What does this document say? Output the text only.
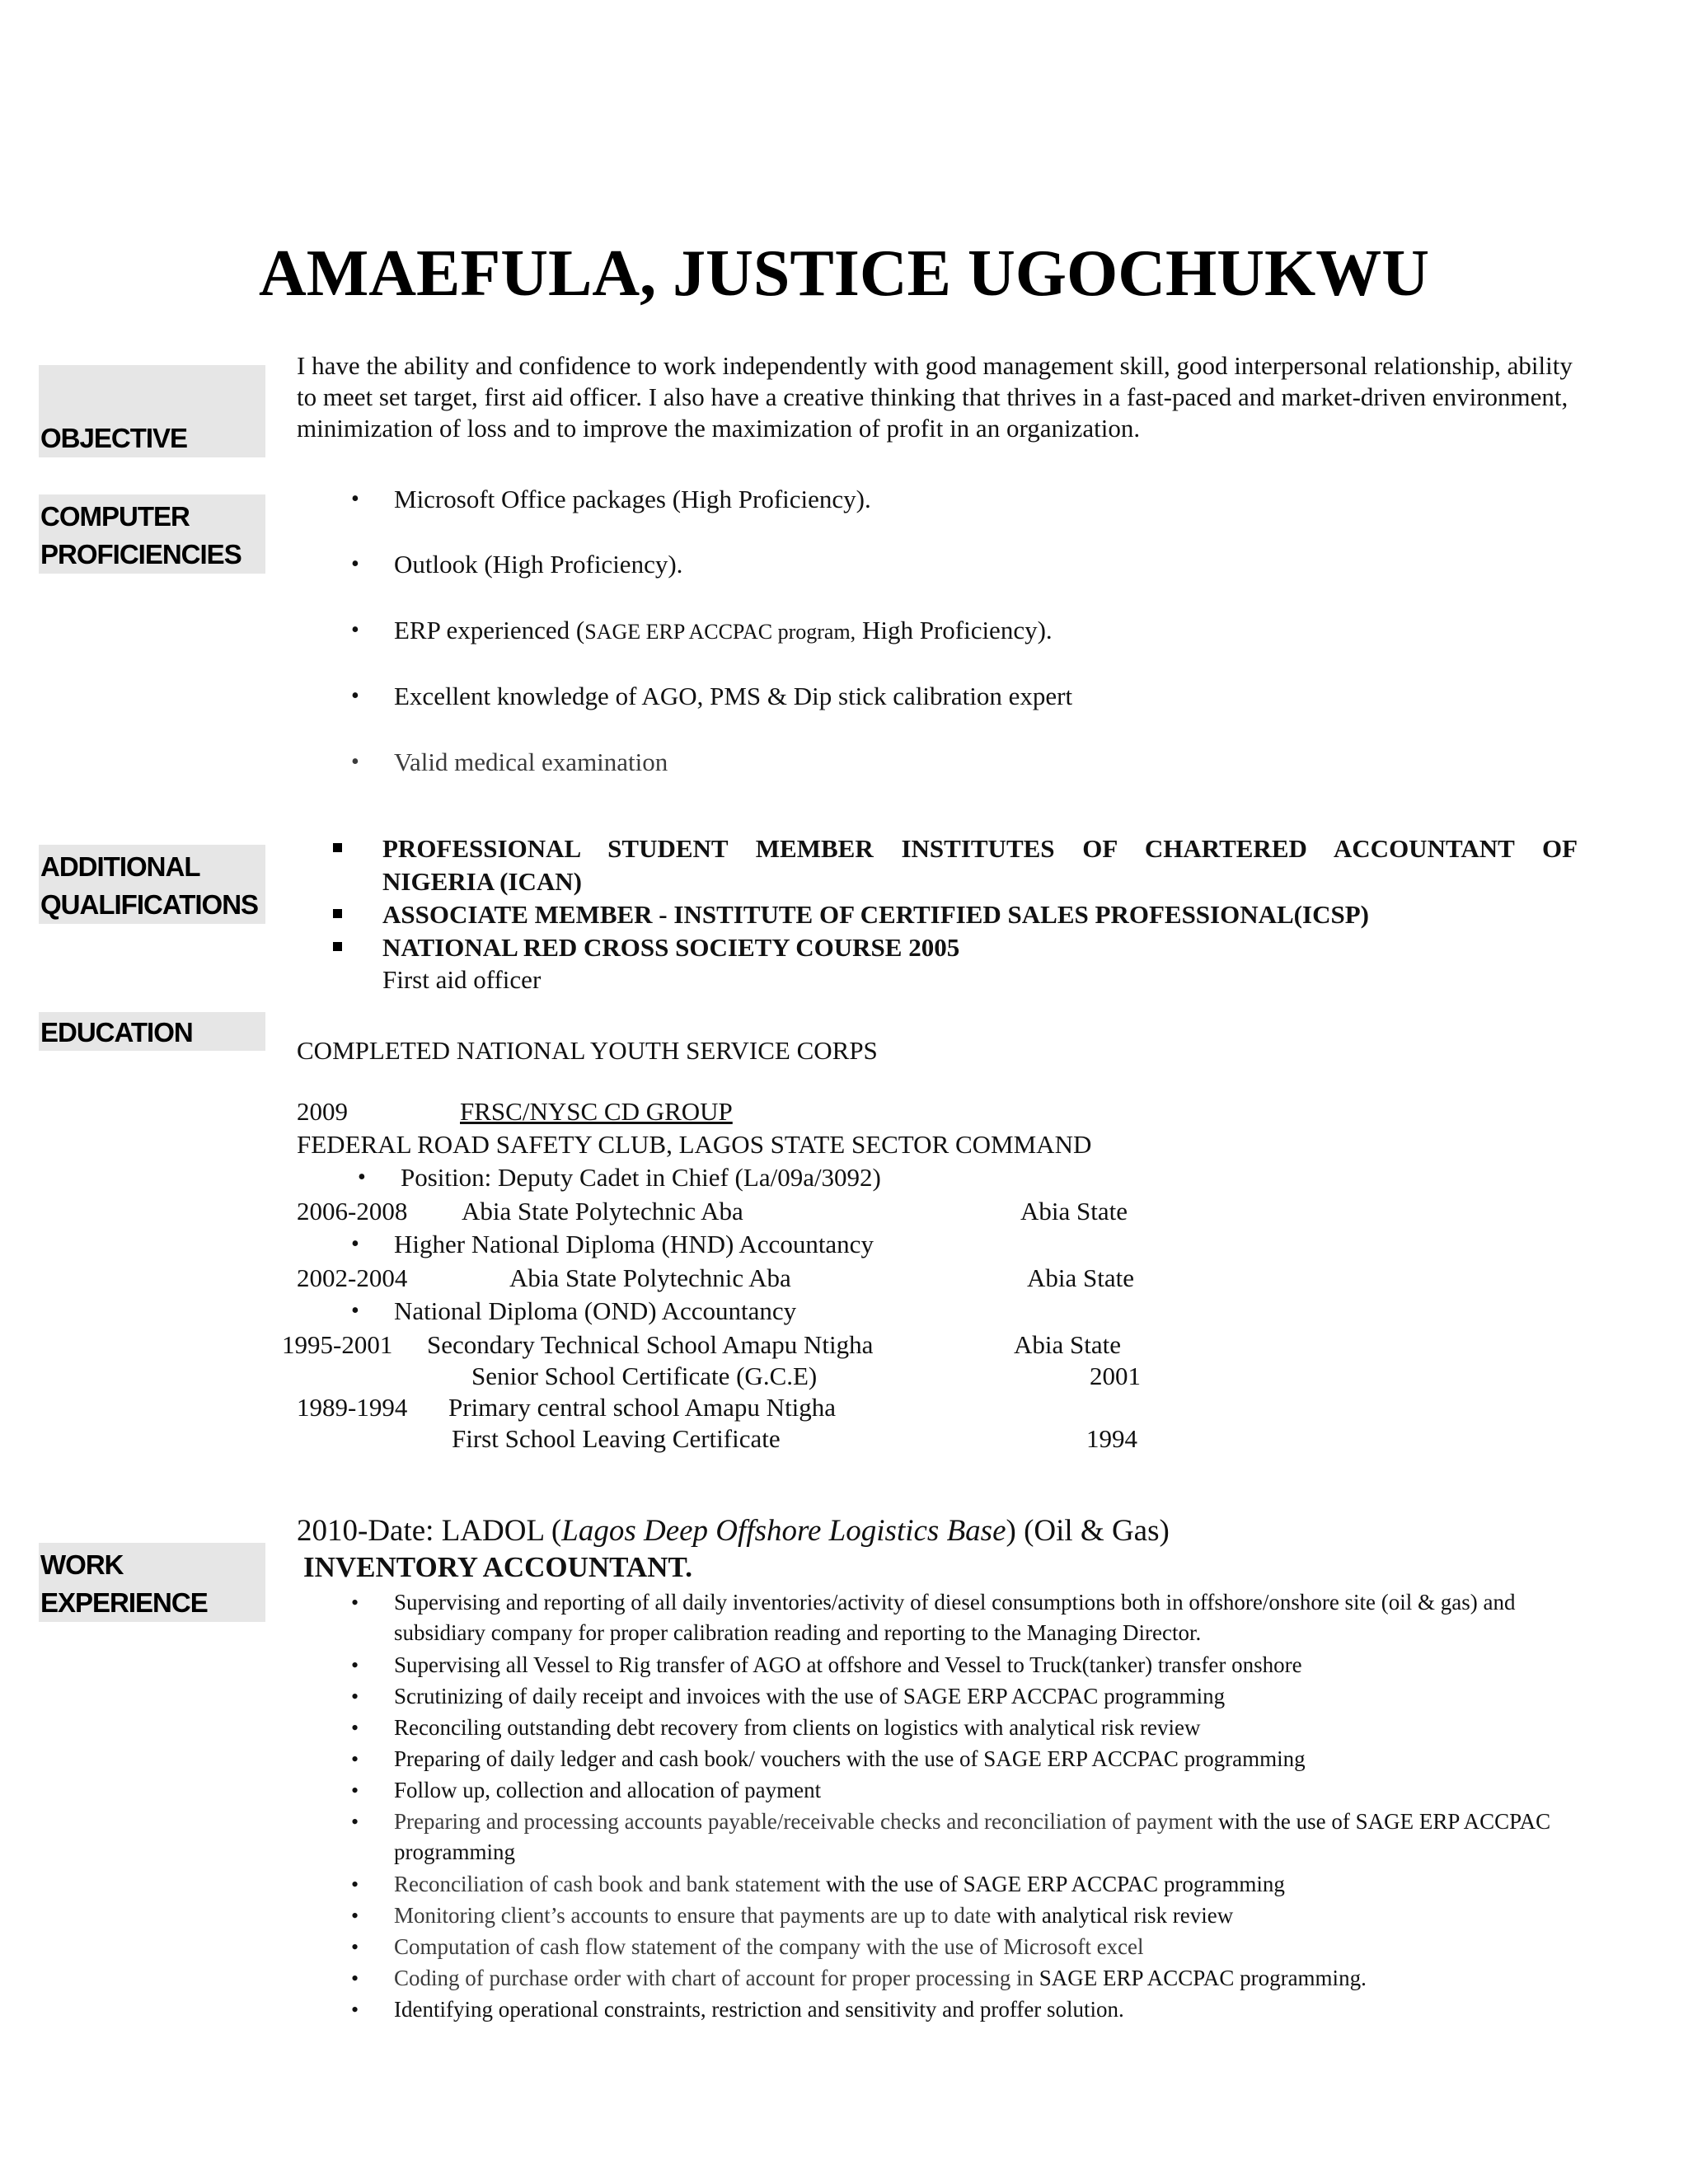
AMAEFULA, JUSTICE UGOCHUKWU
OBJECTIVE
COMPUTER
PROFICIENCIES
ADDITIONAL
QUALIFICATIONS
EDUCATION
WORK
EXPERIENCE

I have the ability and confidence to work independently with good management skill, good interpersonal relationship, ability to meet set target, first aid officer. I also have a creative thinking that thrives in a fast-paced and market-driven environment, minimization of loss and to improve the maximization of profit in an organization.

• Microsoft Office packages (High Proficiency).
• Outlook (High Proficiency).
• ERP experienced (SAGE ERP ACCPAC program, High Proficiency).
• Excellent knowledge of AGO, PMS & Dip stick calibration expert
• Valid medical examination
PROFESSIONAL STUDENT MEMBER INSTITUTES OF CHARTERED ACCOUNTANT OF
NIGERIA (ICAN)
ASSOCIATE MEMBER - INSTITUTE OF CERTIFIED SALES PROFESSIONAL(ICSP)
NATIONAL RED CROSS SOCIETY COURSE 2005
First aid officer
COMPLETED NATIONAL YOUTH SERVICE CORPS
2009	FRSC/NYSC CD GROUP
FEDERAL ROAD SAFETY CLUB, LAGOS STATE SECTOR COMMAND
• Position: Deputy Cadet in Chief (La/09a/3092)
2006-2008 Abia State Polytechnic Aba	Abia State
• Higher National Diploma (HND) Accountancy
2002-2004	Abia State Polytechnic Aba	Abia State
• National Diploma (OND) Accountancy
1995-2001 Secondary Technical School Amapu Ntigha	Abia State
Senior School Certificate (G.C.E)	2001
1989-1994 Primary central school Amapu Ntigha
First School Leaving Certificate	1994
2010-Date: LADOL (Lagos Deep Offshore Logistics Base) (Oil & Gas)
INVENTORY ACCOUNTANT.
• Supervising and reporting of all daily inventories/activity of diesel consumptions both in offshore/onshore site (oil & gas) and subsidiary company for proper calibration reading and reporting to the Managing Director.
• Supervising all Vessel to Rig transfer of AGO at offshore and Vessel to Truck(tanker) transfer onshore
• Scrutinizing of daily receipt and invoices with the use of SAGE ERP ACCPAC programming
• Reconciling outstanding debt recovery from clients on logistics with analytical risk review
• Preparing of daily ledger and cash book/ vouchers with the use of SAGE ERP ACCPAC programming
• Follow up, collection and allocation of payment
• Preparing and processing accounts payable/receivable checks and reconciliation of payment with the use of SAGE ERP ACCPAC programming
• Reconciliation of cash book and bank statement with the use of SAGE ERP ACCPAC programming
• Monitoring client’s accounts to ensure that payments are up to date with analytical risk review
• Computation of cash flow statement of the company with the use of Microsoft excel
• Coding of purchase order with chart of account for proper processing in SAGE ERP ACCPAC programming.
• Identifying operational constraints, restriction and sensitivity and proffer solution.
